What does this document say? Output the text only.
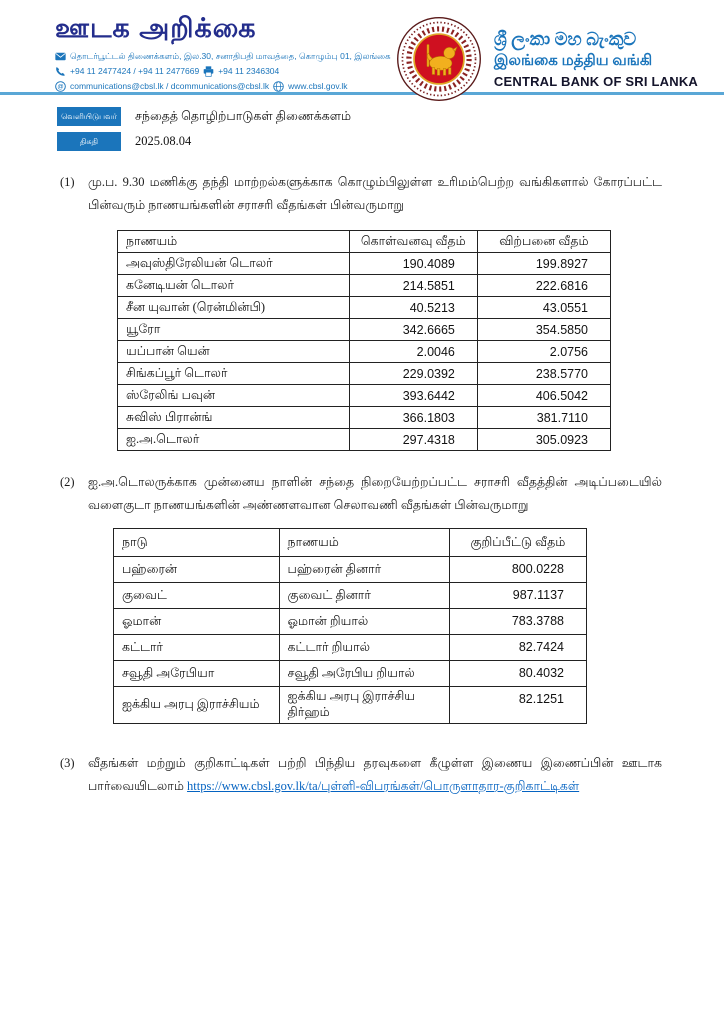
ஊடக அறிக்கை
தொடர்பூட்டல் திணைக்களம், இல.30, சனாதிபதி மாவத்தை, கொழும்பு 01, இலங்கை
+94 11 2477424 / +94 11 2477669 +94 11 2346304
@ communications@cbsl.lk / dcommunications@cbsl.lk www.cbsl.gov.lk
ශ්‍රී ලංකා මහ බැංකුව
இலங்கை மத்திய வங்கி
CENTRAL BANK OF SRI LANKA
வெளியிடுபவர்	சந்தைத் தொழிற்பாடுகள் திணைக்களம்
திகதி	2025.08.04
(1)	மு.ப. 9.30 மணிக்கு தந்தி மாற்றல்களுக்காக கொழும்பிலுள்ள உரிமம்பெற்ற வங்கிகளால் கோரப்பட்ட பின்வரும் நாணயங்களின் சராசரி வீதங்கள் பின்வருமாறு
நாணயம்	கொள்வனவு வீதம்	விற்பனை வீதம்
அவுஸ்திரேலியன் டொலர்	190.4089	199.8927
கனேடியன் டொலர்	214.5851	222.6816
சீன யுவான் (ரென்மின்பி)	40.5213	43.0551
யூரோ	342.6665	354.5850
யப்பான் யென்	2.0046	2.0756
சிங்கப்பூர் டொலர்	229.0392	238.5770
ஸ்ரேலிங் பவுன்	393.6442	406.5042
சுவிஸ் பிரான்ங்	366.1803	381.7110
ஐ.அ.டொலர்	297.4318	305.0923
(2)	ஐ.அ.டொலருக்காக முன்னைய நாளின் சந்தை நிறையேற்றப்பட்ட சராசரி வீதத்தின் அடிப்படையில் வளைகுடா நாணயங்களின் அண்ணளவான செலாவணி வீதங்கள் பின்வருமாறு
நாடு	நாணயம்	குறிப்பீட்டு வீதம்
பஹ்ரைன்	பஹ்ரைன் தினார்	800.0228
குவைட்	குவைட் தினார்	987.1137
ஓமான்	ஓமான் றியால்	783.3788
கட்டார்	கட்டார் றியால்	82.7424
சவூதி அரேபியா	சவூதி அரேபிய றியால்	80.4032
ஐக்கிய அரபு இராச்சியம்	ஐக்கிய அரபு இராச்சிய திர்ஹம்	82.1251
(3)	வீதங்கள் மற்றும் குறிகாட்டிகள் பற்றி பிந்திய தரவுகளை கீழுள்ள இணைய இணைப்பின் ஊடாக பார்வையிடலாம் https://www.cbsl.gov.lk/ta/புள்ளி-விபரங்கள்/பொருளாதார-குறிகாட்டிகள்
